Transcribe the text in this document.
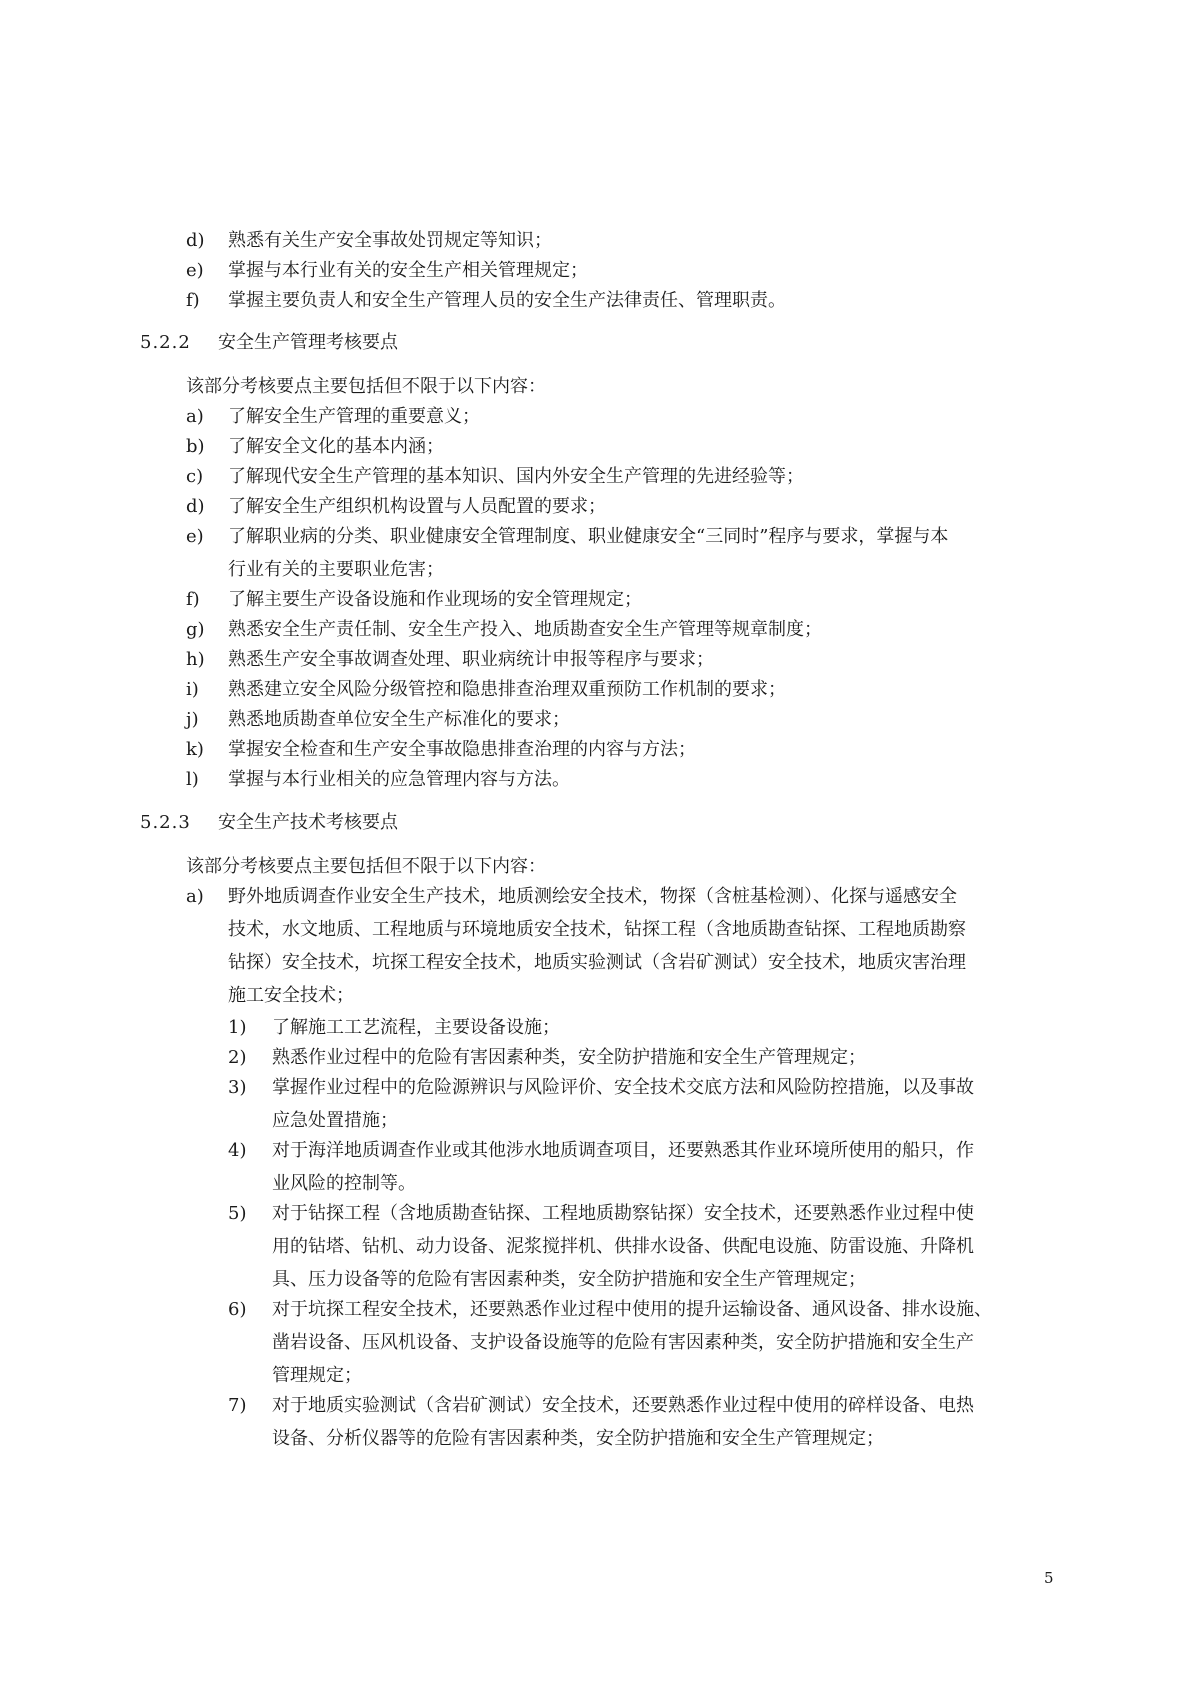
d)	熟悉有关生产安全事故处罚规定等知识；
e)	掌握与本行业有关的安全生产相关管理规定；
f)	掌握主要负责人和安全生产管理人员的安全生产法律责任、管理职责。
5.2.2 安全生产管理考核要点
该部分考核要点主要包括但不限于以下内容：
a)	了解安全生产管理的重要意义；
b)	了解安全文化的基本内涵；
c)	了解现代安全生产管理的基本知识、国内外安全生产管理的先进经验等；
d)	了解安全生产组织机构设置与人员配置的要求；
e)	了解职业病的分类、职业健康安全管理制度、职业健康安全“三同时”程序与要求，掌握与本
行业有关的主要职业危害；
f)	了解主要生产设备设施和作业现场的安全管理规定；
g)	熟悉安全生产责任制、安全生产投入、地质勘查安全生产管理等规章制度；
h)	熟悉生产安全事故调查处理、职业病统计申报等程序与要求；
i)	熟悉建立安全风险分级管控和隐患排查治理双重预防工作机制的要求；
j)	熟悉地质勘查单位安全生产标准化的要求；
k)	掌握安全检查和生产安全事故隐患排查治理的内容与方法；
l)	掌握与本行业相关的应急管理内容与方法。
5.2.3 安全生产技术考核要点
该部分考核要点主要包括但不限于以下内容：
a)	野外地质调查作业安全生产技术，地质测绘安全技术，物探（含桩基检测）、化探与遥感安全
技术，水文地质、工程地质与环境地质安全技术，钻探工程（含地质勘查钻探、工程地质勘察
钻探）安全技术，坑探工程安全技术，地质实验测试（含岩矿测试）安全技术，地质灾害治理
施工安全技术；
1)	了解施工工艺流程，主要设备设施；
2)	熟悉作业过程中的危险有害因素种类，安全防护措施和安全生产管理规定；
3)	掌握作业过程中的危险源辨识与风险评价、安全技术交底方法和风险防控措施，以及事故
应急处置措施；
4)	对于海洋地质调查作业或其他涉水地质调查项目，还要熟悉其作业环境所使用的船只，作
业风险的控制等。
5)	对于钻探工程（含地质勘查钻探、工程地质勘察钻探）安全技术，还要熟悉作业过程中使
用的钻塔、钻机、动力设备、泥浆搅拌机、供排水设备、供配电设施、防雷设施、升降机
具、压力设备等的危险有害因素种类，安全防护措施和安全生产管理规定；
6)	对于坑探工程安全技术，还要熟悉作业过程中使用的提升运输设备、通风设备、排水设施、
凿岩设备、压风机设备、支护设备设施等的危险有害因素种类，安全防护措施和安全生产
管理规定；
7)	对于地质实验测试（含岩矿测试）安全技术，还要熟悉作业过程中使用的碎样设备、电热
设备、分析仪器等的危险有害因素种类，安全防护措施和安全生产管理规定；
5
